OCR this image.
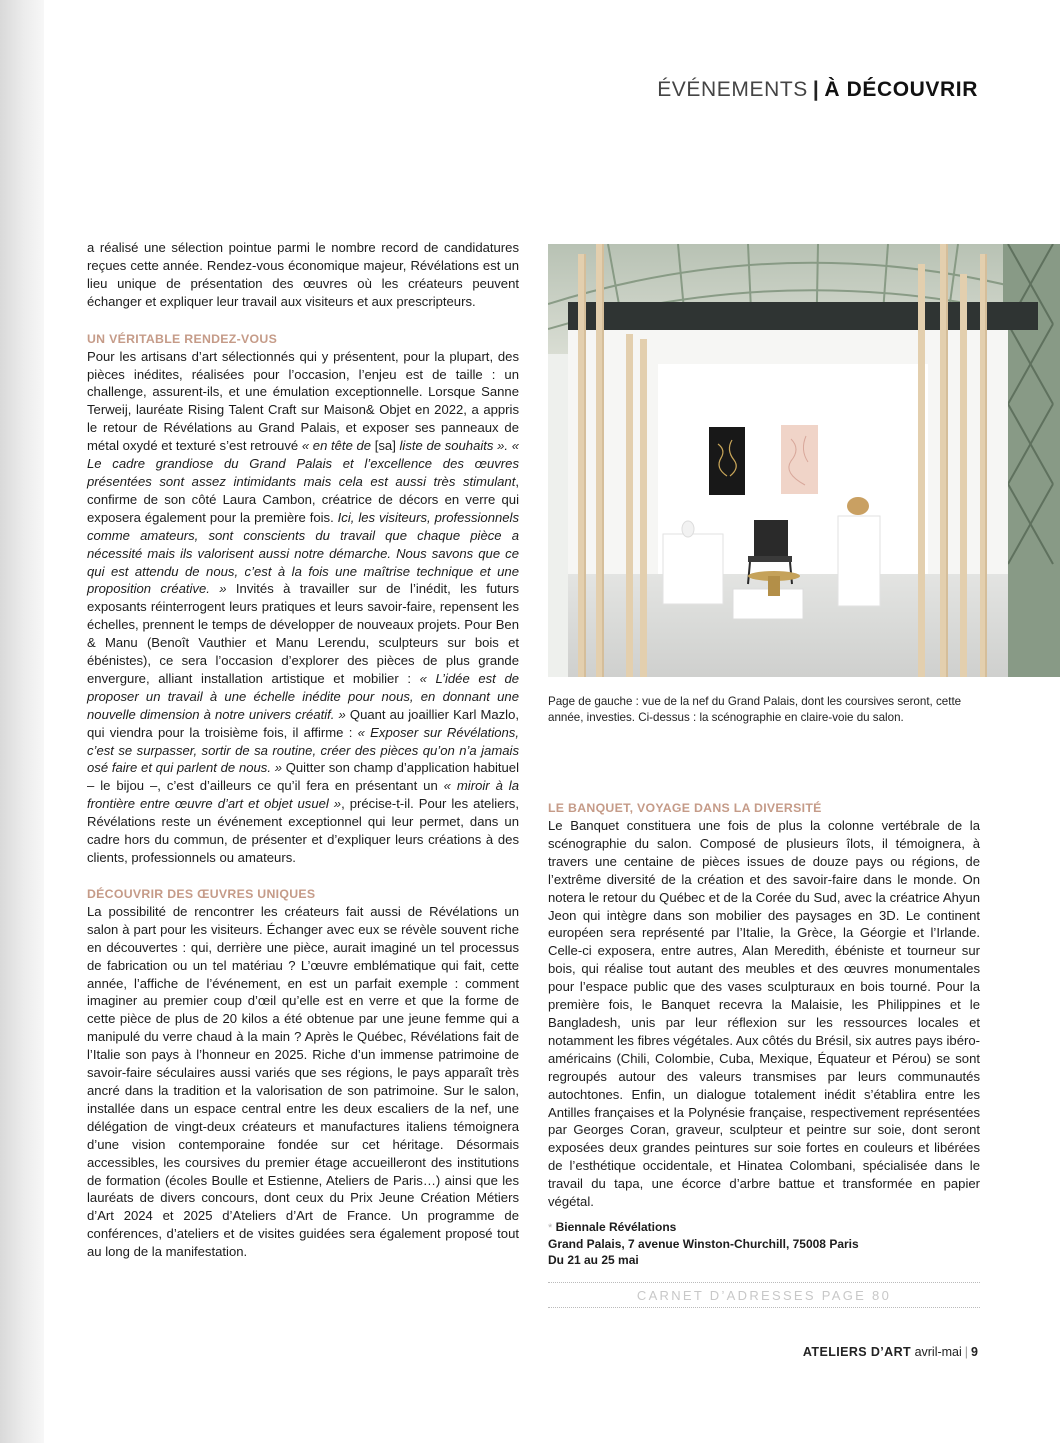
ÉVÉNEMENTS | À DÉCOUVRIR

a réalisé une sélection pointue parmi le nombre record de candidatures reçues cette année. Rendez-vous économique majeur, Révélations est un lieu unique de présentation des œuvres où les créateurs peuvent échanger et expliquer leur travail aux visiteurs et aux prescripteurs.

UN VÉRITABLE RENDEZ-VOUS

Pour les artisans d’art sélectionnés qui y présentent, pour la plupart, des pièces inédites, réalisées pour l’occasion, l’enjeu est de taille : un challenge, assurent-ils, et une émulation exceptionnelle. Lorsque Sanne Terweij, lauréate Rising Talent Craft sur Maison& Objet en 2022, a appris le retour de Révélations au Grand Palais, et exposer ses panneaux de métal oxydé et texturé s’est retrouvé « en tête de [sa] liste de souhaits ». « Le cadre grandiose du Grand Palais et l’excellence des œuvres présentées sont assez intimidants mais cela est aussi très stimulant, confirme de son côté Laura Cambon, créatrice de décors en verre qui exposera également pour la première fois. Ici, les visiteurs, professionnels comme amateurs, sont conscients du travail que chaque pièce a nécessité mais ils valorisent aussi notre démarche. Nous savons que ce qui est attendu de nous, c’est à la fois une maîtrise technique et une proposition créative. » Invités à travailler sur de l’inédit, les futurs exposants réinterrogent leurs pratiques et leurs savoir-faire, repensent les échelles, prennent le temps de développer de nouveaux projets. Pour Ben & Manu (Benoît Vauthier et Manu Lerendu, sculpteurs sur bois et ébénistes), ce sera l’occasion d’explorer des pièces de plus grande envergure, alliant installation artistique et mobilier : « L’idée est de proposer un travail à une échelle inédite pour nous, en donnant une nouvelle dimension à notre univers créatif. » Quant au joaillier Karl Mazlo, qui viendra pour la troisième fois, il affirme : « Exposer sur Révélations, c’est se surpasser, sortir de sa routine, créer des pièces qu’on n’a jamais osé faire et qui parlent de nous. » Quitter son champ d’application habituel – le bijou –, c’est d’ailleurs ce qu’il fera en présentant un « miroir à la frontière entre œuvre d’art et objet usuel », précise-t-il. Pour les ateliers, Révélations reste un événement exceptionnel qui leur permet, dans un cadre hors du commun, de présenter et d’expliquer leurs créations à des clients, professionnels ou amateurs.

DÉCOUVRIR DES ŒUVRES UNIQUES

La possibilité de rencontrer les créateurs fait aussi de Révélations un salon à part pour les visiteurs. Échanger avec eux se révèle souvent riche en découvertes : qui, derrière une pièce, aurait imaginé un tel processus de fabrication ou un tel matériau ? L’œuvre emblématique qui fait, cette année, l’affiche de l’événement, en est un parfait exemple : comment imaginer au premier coup d’œil qu’elle est en verre et que la forme de cette pièce de plus de 20 kilos a été obtenue par une jeune femme qui a manipulé du verre chaud à la main ? Après le Québec, Révélations fait de l’Italie son pays à l’honneur en 2025. Riche d’un immense patrimoine de savoir-faire séculaires aussi variés que ses régions, le pays apparaît très ancré dans la tradition et la valorisation de son patrimoine. Sur le salon, installée dans un espace central entre les deux escaliers de la nef, une délégation de vingt-deux créateurs et manufactures italiens témoignera d’une vision contemporaine fondée sur cet héritage. Désormais accessibles, les coursives du premier étage accueilleront des institutions de formation (écoles Boulle et Estienne, Ateliers de Paris…) ainsi que les lauréats de divers concours, dont ceux du Prix Jeune Création Métiers d’Art 2024 et 2025 d’Ateliers d’Art de France. Un programme de conférences, d’ateliers et de visites guidées sera également proposé tout au long de la manifestation.

Page de gauche : vue de la nef du Grand Palais, dont les coursives seront, cette année, investies. Ci-dessus : la scénographie en claire-voie du salon.
LE BANQUET, VOYAGE DANS LA DIVERSITÉ

Le Banquet constituera une fois de plus la colonne vertébrale de la scénographie du salon. Composé de plusieurs îlots, il témoignera, à travers une centaine de pièces issues de douze pays ou régions, de l’extrême diversité de la création et des savoir-faire dans le monde. On notera le retour du Québec et de la Corée du Sud, avec la créatrice Ahyun Jeon qui intègre dans son mobilier des paysages en 3D. Le continent européen sera représenté par l’Italie, la Grèce, la Géorgie et l’Irlande. Celle-ci exposera, entre autres, Alan Meredith, ébéniste et tourneur sur bois, qui réalise tout autant des meubles et des œuvres monumentales pour l’espace public que des vases sculpturaux en bois tourné. Pour la première fois, le Banquet recevra la Malaisie, les Philippines et le Bangladesh, unis par leur réflexion sur les ressources locales et notamment les fibres végétales. Aux côtés du Brésil, six autres pays ibéro-américains (Chili, Colombie, Cuba, Mexique, Équateur et Pérou) se sont regroupés autour des valeurs transmises par leurs communautés autochtones. Enfin, un dialogue totalement inédit s’établira entre les Antilles françaises et la Polynésie française, respectivement représentées par Georges Coran, graveur, sculpteur et peintre sur soie, dont seront exposées deux grandes peintures sur soie fortes en couleurs et libérées de l’esthétique occidentale, et Hinatea Colombani, spécialisée dans le travail du tapa, une écorce d’arbre battue et transformée en papier végétal.

* Biennale Révélations
Grand Palais, 7 avenue Winston-Churchill, 75008 Paris
Du 21 au 25 mai
CARNET D’ADRESSES PAGE 80
ATELIERS D’ART avril-mai | 9
